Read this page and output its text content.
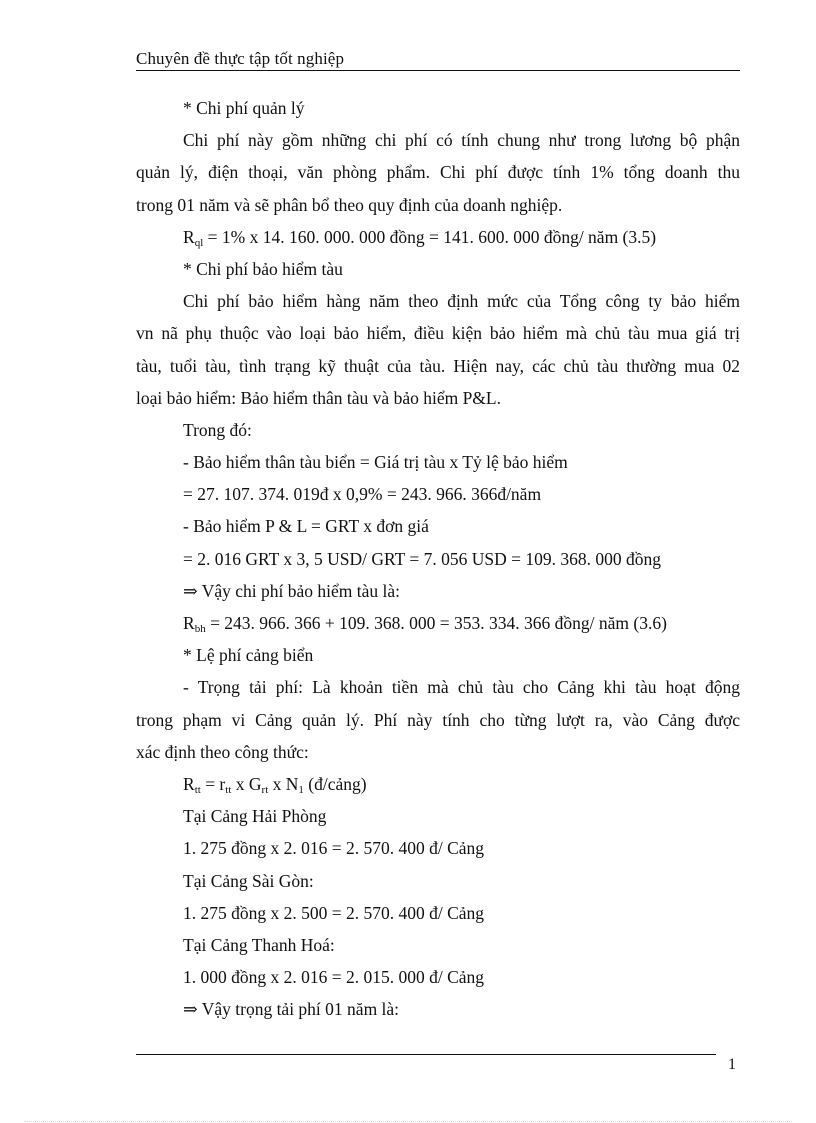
Chuyên đề thực tập tốt nghiệp
* Chi phí quản lý
Chi phí này gồm những chi phí có tính chung như trong lương bộ phận
quản lý, điện thoại, văn phòng phẩm. Chi phí được tính 1% tổng doanh thu
trong 01 năm và sẽ phân bổ theo quy định của doanh nghiệp.
$R_{ql} = 1\%$ x 14. 160. 000. 000 đồng = 141. 600. 000 đồng/ năm (3.5)
* Chi phí bảo hiểm tàu
Chi phí bảo hiểm hàng năm theo định mức của Tổng công ty bảo hiểm
vn nã phụ thuộc vào loại bảo hiểm, điều kiện bảo hiểm mà chủ tàu mua giá trị
tàu, tuổi tàu, tình trạng kỹ thuật của tàu. Hiện nay, các chủ tàu thường mua 02
loại bảo hiểm: Bảo hiểm thân tàu và bảo hiểm P&L.
Trong đó:
- Bảo hiểm thân tàu biển = Giá trị tàu x Tỷ lệ bảo hiểm
= 27. 107. 374. 019đ x 0,9% = 243. 966. 366đ/năm
- Bảo hiểm P & L = GRT x đơn giá
= 2. 016 GRT x 3, 5 USD/ GRT = 7. 056 USD = 109. 368. 000 đồng
⇒ Vậy chi phí bảo hiểm tàu là:
$R_{bh} = 243$. 966. 366 + 109. 368. 000 = 353. 334. 366 đồng/ năm (3.6)
* Lệ phí cảng biển
- Trọng tải phí: Là khoản tiền mà chủ tàu cho Cảng khi tàu hoạt động
trong phạm vi Cảng quản lý. Phí này tính cho từng lượt ra, vào Cảng được
xác định theo công thức:
$R_{tt} = r_{tt}$ x $G_{rt}$ x $N_1$ (đ/cảng)
Tại Cảng Hải Phòng
1. 275 đồng x 2. 016 = 2. 570. 400 đ/ Cảng
Tại Cảng Sài Gòn:
1. 275 đồng x 2. 500 = 2. 570. 400 đ/ Cảng
Tại Cảng Thanh Hoá:
1. 000 đồng x 2. 016 = 2. 015. 000 đ/ Cảng
⇒ Vậy trọng tải phí 01 năm là:
1
